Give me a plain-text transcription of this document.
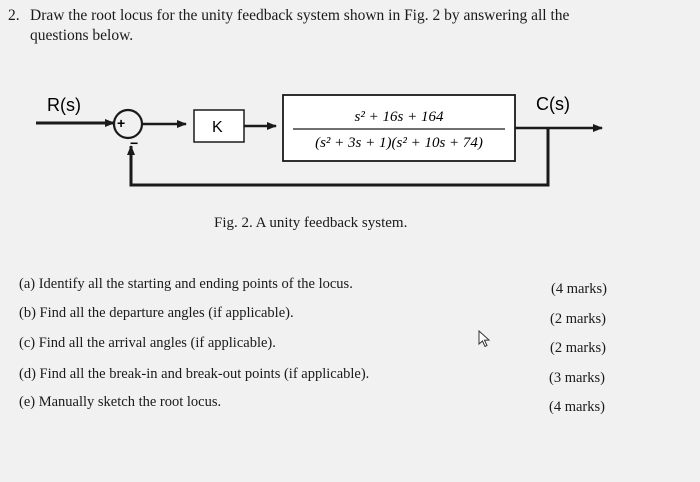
2. Draw the root locus for the unity feedback system shown in Fig. 2 by answering all the
questions below.
R(s)
+
−
K
s² + 16s + 164
(s² + 3s + 1)(s² + 10s + 74)
C(s)
Fig. 2. A unity feedback system.
(a) Identify all the starting and ending points of the locus.
(b) Find all the departure angles (if applicable).
(c) Find all the arrival angles (if applicable).
(d) Find all the break-in and break-out points (if applicable).
(e) Manually sketch the root locus.
(4 marks)
(2 marks)
(2 marks)
(3 marks)
(4 marks)
